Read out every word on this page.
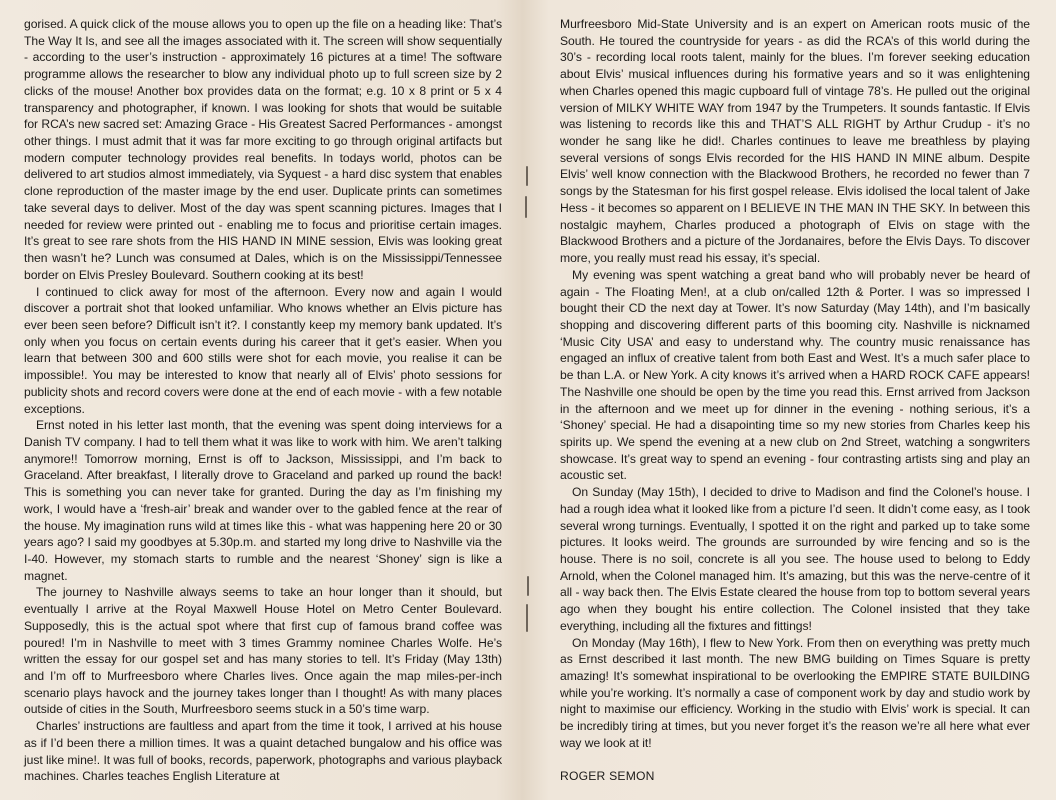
gorised. A quick click of the mouse allows you to open up the file on a heading like: That’s The Way It Is, and see all the images associated with it. The screen will show sequentially - according to the user’s instruction - approximately 16 pictures at a time! The software programme allows the researcher to blow any individual photo up to full screen size by 2 clicks of the mouse! Another box provides data on the format; e.g. 10 x 8 print or 5 x 4 transparency and photographer, if known. I was looking for shots that would be suitable for RCA’s new sacred set: Amazing Grace - His Greatest Sacred Performances - amongst other things. I must admit that it was far more exciting to go through original artifacts but modern computer technology provides real benefits. In todays world, photos can be delivered to art studios almost immediately, via Syquest - a hard disc system that enables clone reproduction of the master image by the end user. Duplicate prints can sometimes take several days to deliver. Most of the day was spent scanning pictures. Images that I needed for review were printed out - enabling me to focus and prioritise certain images. It’s great to see rare shots from the HIS HAND IN MINE session, Elvis was looking great then wasn’t he? Lunch was consumed at Dales, which is on the Mississippi/Tennessee border on Elvis Presley Boulevard. Southern cooking at its best!

I continued to click away for most of the afternoon. Every now and again I would discover a portrait shot that looked unfamiliar. Who knows whether an Elvis picture has ever been seen before? Difficult isn’t it?. I constantly keep my memory bank updated. It’s only when you focus on certain events during his career that it get’s easier. When you learn that between 300 and 600 stills were shot for each movie, you realise it can be impossible!. You may be interested to know that nearly all of Elvis’ photo sessions for publicity shots and record covers were done at the end of each movie - with a few notable exceptions.

Ernst noted in his letter last month, that the evening was spent doing interviews for a Danish TV company. I had to tell them what it was like to work with him. We aren’t talking anymore!! Tomorrow morning, Ernst is off to Jackson, Mississippi, and I’m back to Graceland. After breakfast, I literally drove to Graceland and parked up round the back! This is something you can never take for granted. During the day as I’m finishing my work, I would have a ‘fresh-air’ break and wander over to the gabled fence at the rear of the house. My imagination runs wild at times like this - what was happening here 20 or 30 years ago? I said my goodbyes at 5.30p.m. and started my long drive to Nashville via the I-40. However, my stomach starts to rumble and the nearest ‘Shoney’ sign is like a magnet.

The journey to Nashville always seems to take an hour longer than it should, but eventually I arrive at the Royal Maxwell House Hotel on Metro Center Boulevard. Supposedly, this is the actual spot where that first cup of famous brand coffee was poured! I’m in Nashville to meet with 3 times Grammy nominee Charles Wolfe. He’s written the essay for our gospel set and has many stories to tell. It’s Friday (May 13th) and I’m off to Murfreesboro where Charles lives. Once again the map miles-per-inch scenario plays havock and the journey takes longer than I thought! As with many places outside of cities in the South, Murfreesboro seems stuck in a 50’s time warp.

Charles’ instructions are faultless and apart from the time it took, I arrived at his house as if I’d been there a million times. It was a quaint detached bungalow and his office was just like mine!. It was full of books, records, paperwork, photographs and various playback machines. Charles teaches English Literature at

Murfreesboro Mid-State University and is an expert on American roots music of the South. He toured the countryside for years - as did the RCA’s of this world during the 30’s - recording local roots talent, mainly for the blues. I’m forever seeking education about Elvis’ musical influences during his formative years and so it was enlightening when Charles opened this magic cupboard full of vintage 78’s. He pulled out the original version of MILKY WHITE WAY from 1947 by the Trumpeters. It sounds fantastic. If Elvis was listening to records like this and THAT’S ALL RIGHT by Arthur Crudup - it’s no wonder he sang like he did!. Charles continues to leave me breathless by playing several versions of songs Elvis recorded for the HIS HAND IN MINE album. Despite Elvis’ well know connection with the Blackwood Brothers, he recorded no fewer than 7 songs by the Statesman for his first gospel release. Elvis idolised the local talent of Jake Hess - it becomes so apparent on I BELIEVE IN THE MAN IN THE SKY. In between this nostalgic mayhem, Charles produced a photograph of Elvis on stage with the Blackwood Brothers and a picture of the Jordanaires, before the Elvis Days. To discover more, you really must read his essay, it’s special.

My evening was spent watching a great band who will probably never be heard of again - The Floating Men!, at a club on/called 12th & Porter. I was so impressed I bought their CD the next day at Tower. It’s now Saturday (May 14th), and I’m basically shopping and discovering different parts of this booming city. Nashville is nicknamed ‘Music City USA’ and easy to understand why. The country music renaissance has engaged an influx of creative talent from both East and West. It’s a much safer place to be than L.A. or New York. A city knows it’s arrived when a HARD ROCK CAFE appears! The Nashville one should be open by the time you read this. Ernst arrived from Jackson in the afternoon and we meet up for dinner in the evening - nothing serious, it’s a ‘Shoney’ special. He had a disapointing time so my new stories from Charles keep his spirits up. We spend the evening at a new club on 2nd Street, watching a songwriters showcase. It’s great way to spend an evening - four contrasting artists sing and play an acoustic set.

On Sunday (May 15th), I decided to drive to Madison and find the Colonel’s house. I had a rough idea what it looked like from a picture I’d seen. It didn’t come easy, as I took several wrong turnings. Eventually, I spotted it on the right and parked up to take some pictures. It looks weird. The grounds are surrounded by wire fencing and so is the house. There is no soil, concrete is all you see. The house used to belong to Eddy Arnold, when the Colonel managed him. It’s amazing, but this was the nerve-centre of it all - way back then. The Elvis Estate cleared the house from top to bottom several years ago when they bought his entire collection. The Colonel insisted that they take everything, including all the fixtures and fittings!

On Monday (May 16th), I flew to New York. From then on everything was pretty much as Ernst described it last month. The new BMG building on Times Square is pretty amazing! It’s somewhat inspirational to be overlooking the EMPIRE STATE BUILDING while you’re working. It’s normally a case of component work by day and studio work by night to maximise our efficiency. Working in the studio with Elvis’ work is special. It can be incredibly tiring at times, but you never forget it’s the reason we’re all here what ever way we look at it!

ROGER SEMON
